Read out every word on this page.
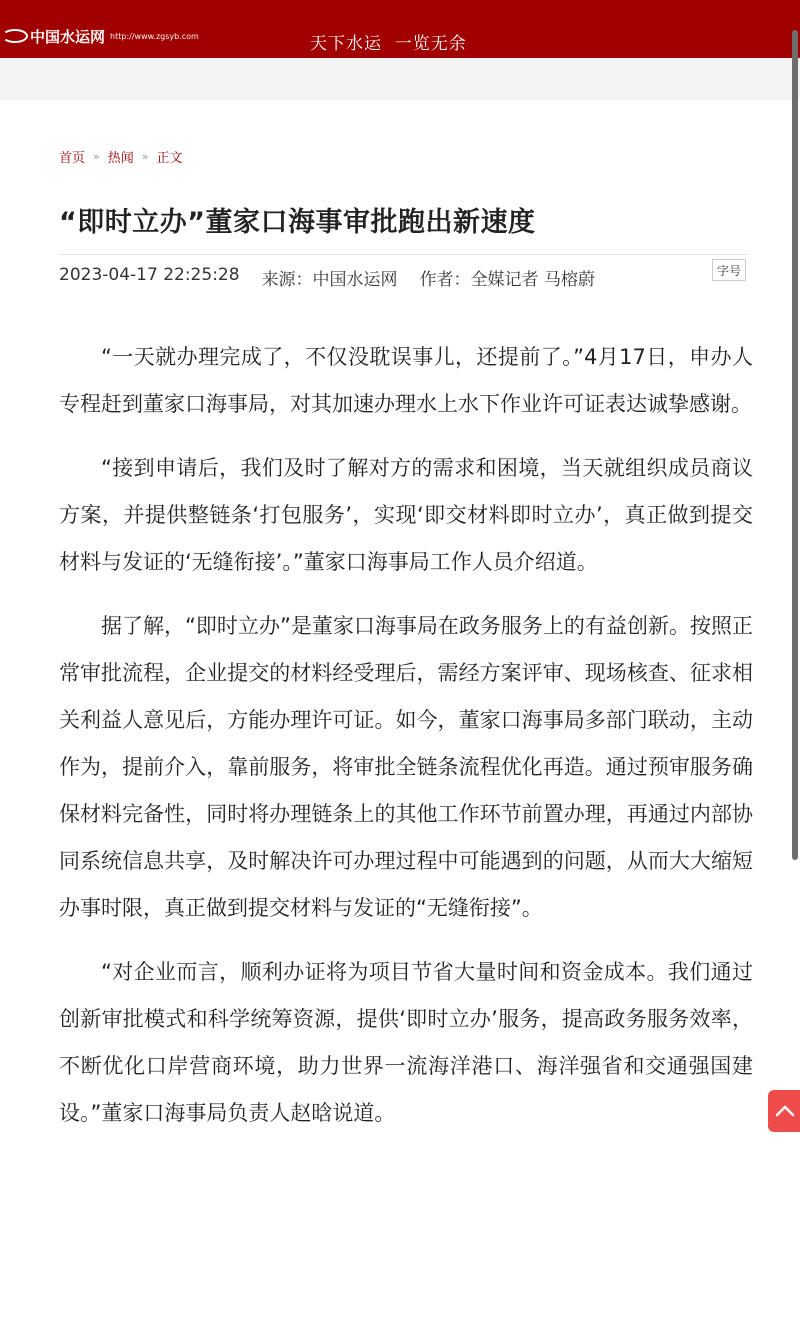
中国水运网 http://www.zgsyb.com	天下水运  一览无余
首页 » 热闻 » 正文
“即时立办”董家口海事审批跑出新速度
2023-04-17 22:25:28 来源：中国水运网 作者：全媒记者 马榕蔚	字号

“一天就办理完成了，不仅没耽误事儿，还提前了。”4月17日，申办人专程赶到董家口海事局，对其加速办理水上水下作业许可证表达诚挚感谢。

“接到申请后，我们及时了解对方的需求和困境，当天就组织成员商议方案，并提供整链条‘打包服务’，实现‘即交材料即时立办’，真正做到提交材料与发证的‘无缝衔接’。”董家口海事局工作人员介绍道。

据了解，“即时立办”是董家口海事局在政务服务上的有益创新。按照正常审批流程，企业提交的材料经受理后，需经方案评审、现场核查、征求相关利益人意见后，方能办理许可证。如今，董家口海事局多部门联动，主动作为，提前介入，靠前服务，将审批全链条流程优化再造。通过预审服务确保材料完备性，同时将办理链条上的其他工作环节前置办理，再通过内部协同系统信息共享，及时解决许可办理过程中可能遇到的问题，从而大大缩短办事时限，真正做到提交材料与发证的“无缝衔接”。

“对企业而言，顺利办证将为项目节省大量时间和资金成本。我们通过创新审批模式和科学统筹资源，提供‘即时立办’服务，提高政务服务效率，不断优化口岸营商环境，助力世界一流海洋港口、海洋强省和交通强国建设。”董家口海事局负责人赵晗说道。
